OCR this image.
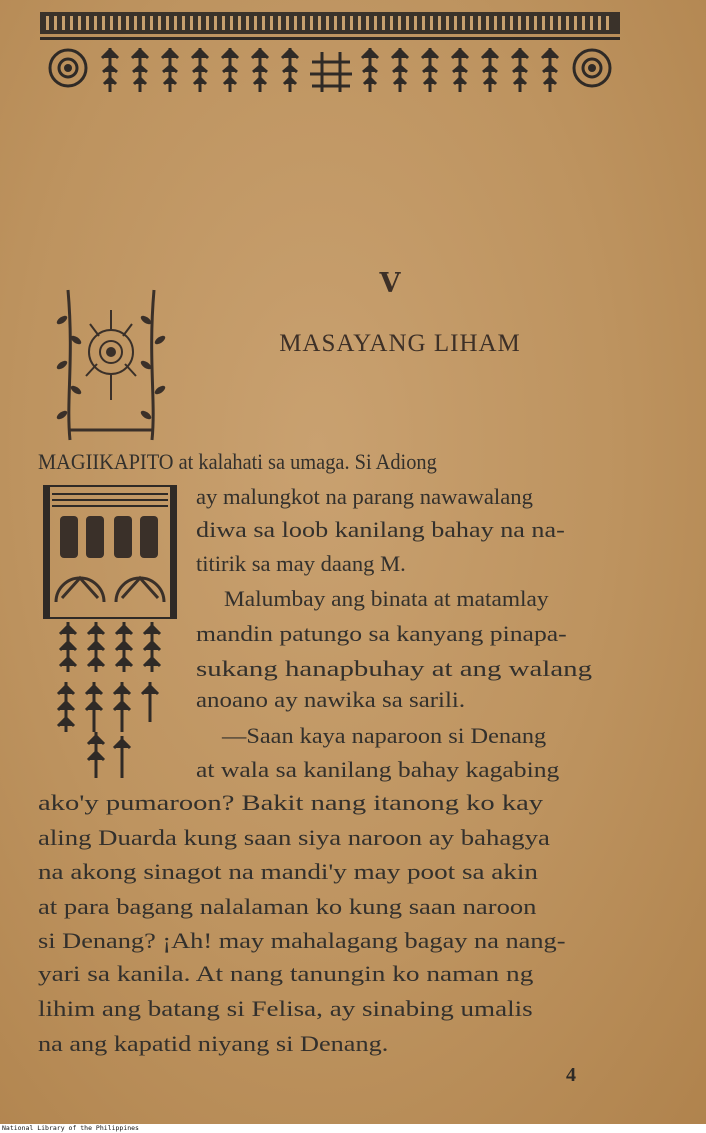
V
MASAYANG LIHAM
MAGIIKAPITO at kalahati sa umaga. Si Adiong
ay malungkot na parang nawawalang
diwa sa loob kanilang bahay na na-
titirik sa may daang M.
Malumbay ang binata at matamlay
mandin patungo sa kanyang pinapa-
sukang hanapbuhay at ang walang
anoano ay nawika sa sarili.
—Saan kaya naparoon si Denang
at wala sa kanilang bahay kagabing
ako'y pumaroon? Bakit nang itanong ko kay
aling Duarda kung saan siya naroon ay bahagya
na akong sinagot na mandi'y may poot sa akin
at para bagang nalalaman ko kung saan naroon
si Denang? ¡Ah! may mahalagang bagay na nang-
yari sa kanila. At nang tanungin ko naman ng
lihim ang batang si Felisa, ay sinabing umalis
na ang kapatid niyang si Denang.
4
National Library of the Philippines
